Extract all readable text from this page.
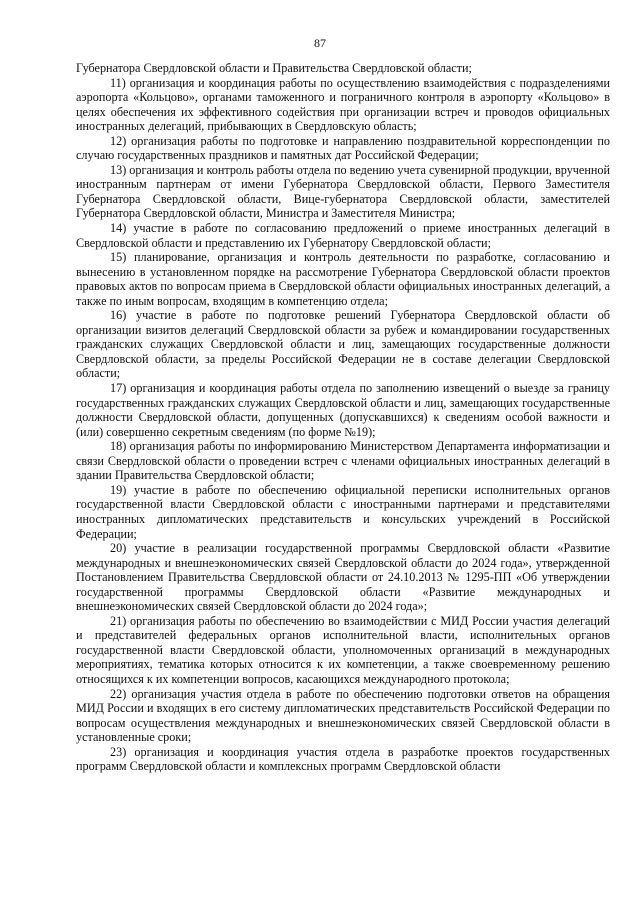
87

Губернатора Свердловской области и Правительства Свердловской области;

11) организация и координация работы по осуществлению взаимодействия с подразделениями аэропорта «Кольцово», органами таможенного и пограничного контроля в аэропорту «Кольцово» в целях обеспечения их эффективного содействия при организации встреч и проводов официальных иностранных делегаций, прибывающих в Свердловскую область;

12) организация работы по подготовке и направлению поздравительной корреспонденции по случаю государственных праздников и памятных дат Российской Федерации;

13) организация и контроль работы отдела по ведению учета сувенирной продукции, врученной иностранным партнерам от имени Губернатора Свердловской области, Первого Заместителя Губернатора Свердловской области, Вице-губернатора Свердловской области, заместителей Губернатора Свердловской области, Министра и Заместителя Министра;

14) участие в работе по согласованию предложений о приеме иностранных делегаций в Свердловской области и представлению их Губернатору Свердловской области;

15) планирование, организация и контроль деятельности по разработке, согласованию и вынесению в установленном порядке на рассмотрение Губернатора Свердловской области проектов правовых актов по вопросам приема в Свердловской области официальных иностранных делегаций, а также по иным вопросам, входящим в компетенцию отдела;

16) участие в работе по подготовке решений Губернатора Свердловской области об организации визитов делегаций Свердловской области за рубеж и командировании государственных гражданских служащих Свердловской области и лиц, замещающих государственные должности Свердловской области, за пределы Российской Федерации не в составе делегации Свердловской области;

17) организация и координация работы отдела по заполнению извещений о выезде за границу государственных гражданских служащих Свердловской области и лиц, замещающих государственные должности Свердловской области, допущенных (допускавшихся) к сведениям особой важности и (или) совершенно секретным сведениям (по форме №19);

18) организация работы по информированию Министерством Департамента информатизации и связи Свердловской области о проведении встреч с членами официальных иностранных делегаций в здании Правительства Свердловской области;

19) участие в работе по обеспечению официальной переписки исполнительных органов государственной власти Свердловской области с иностранными партнерами и представителями иностранных дипломатических представительств и консульских учреждений в Российской Федерации;

20) участие в реализации государственной программы Свердловской области «Развитие международных и внешнеэкономических связей Свердловской области до 2024 года», утвержденной Постановлением Правительства Свердловской области от 24.10.2013 № 1295-ПП «Об утверждении государственной программы Свердловской области «Развитие международных и внешнеэкономических связей Свердловской области до 2024 года»;

21) организация работы по обеспечению во взаимодействии с МИД России участия делегаций и представителей федеральных органов исполнительной власти, исполнительных органов государственной власти Свердловской области, уполномоченных организаций в международных мероприятиях, тематика которых относится к их компетенции, а также своевременному решению относящихся к их компетенции вопросов, касающихся международного протокола;

22) организация участия отдела в работе по обеспечению подготовки ответов на обращения МИД России и входящих в его систему дипломатических представительств Российской Федерации по вопросам осуществления международных и внешнеэкономических связей Свердловской области в установленные сроки;

23) организация и координация участия отдела в разработке проектов государственных программ Свердловской области и комплексных программ Свердловской области
